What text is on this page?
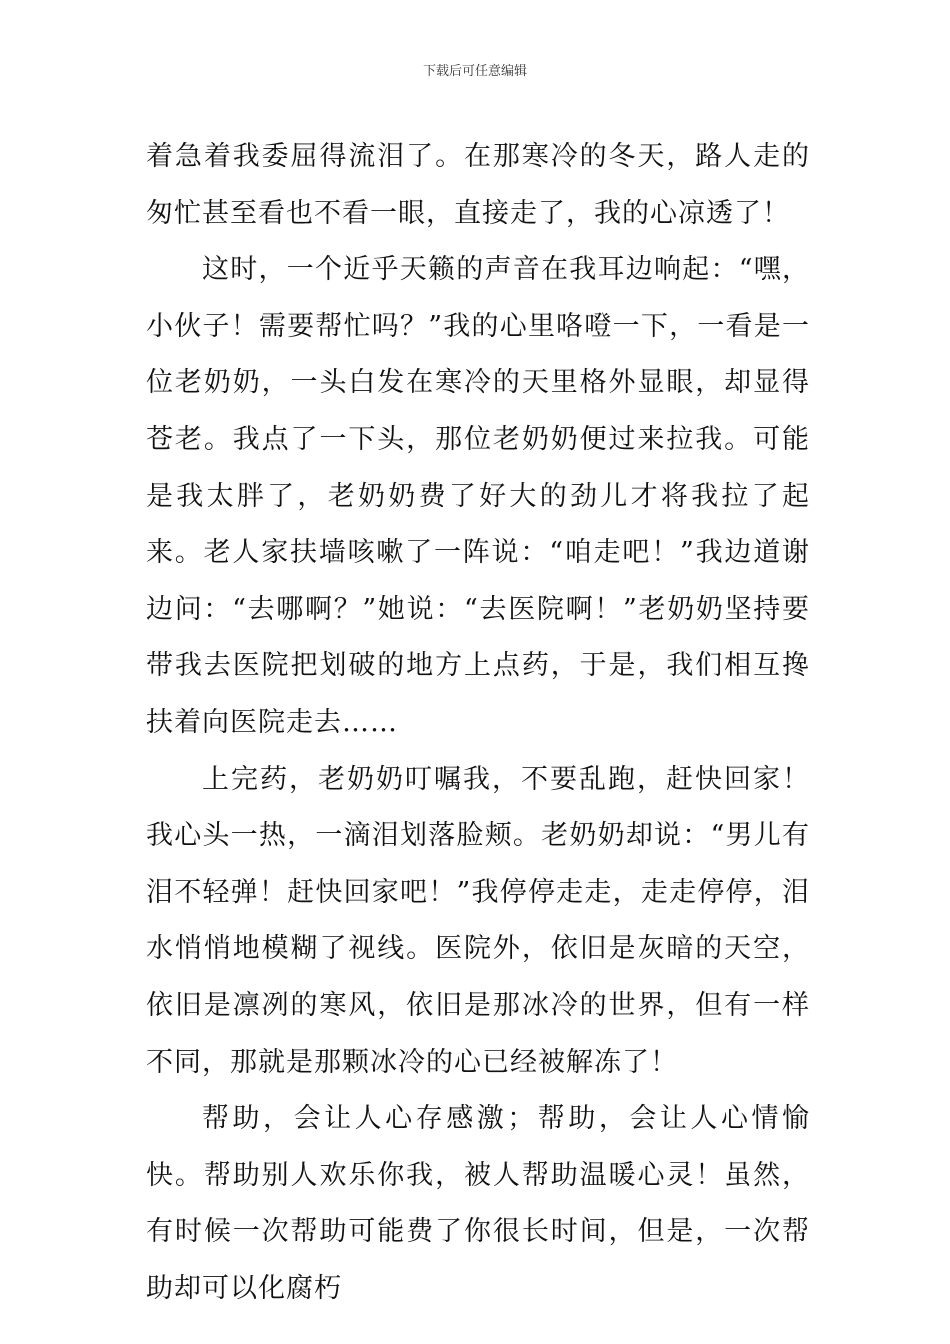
下载后可任意编辑

着急着我委屈得流泪了。在那寒冷的冬天，路人走的匆忙甚至看也不看一眼，直接走了，我的心凉透了！

这时，一个近乎天籁的声音在我耳边响起：“嘿，小伙子！需要帮忙吗？”我的心里咯噔一下，一看是一位老奶奶，一头白发在寒冷的天里格外显眼，却显得苍老。我点了一下头，那位老奶奶便过来拉我。可能是我太胖了，老奶奶费了好大的劲儿才将我拉了起来。老人家扶墙咳嗽了一阵说：“咱走吧！”我边道谢边问：“去哪啊？”她说：“去医院啊！”老奶奶坚持要带我去医院把划破的地方上点药，于是，我们相互搀扶着向医院走去……

上完药，老奶奶叮嘱我，不要乱跑，赶快回家！我心头一热，一滴泪划落脸颊。老奶奶却说：“男儿有泪不轻弹！赶快回家吧！”我停停走走，走走停停，泪水悄悄地模糊了视线。医院外，依旧是灰暗的天空，依旧是凛冽的寒风，依旧是那冰冷的世界，但有一样不同，那就是那颗冰冷的心已经被解冻了！

帮助，会让人心存感激；帮助，会让人心情愉快。帮助别人欢乐你我，被人帮助温暖心灵！虽然，有时候一次帮助可能费了你很长时间，但是，一次帮助却可以化腐朽
